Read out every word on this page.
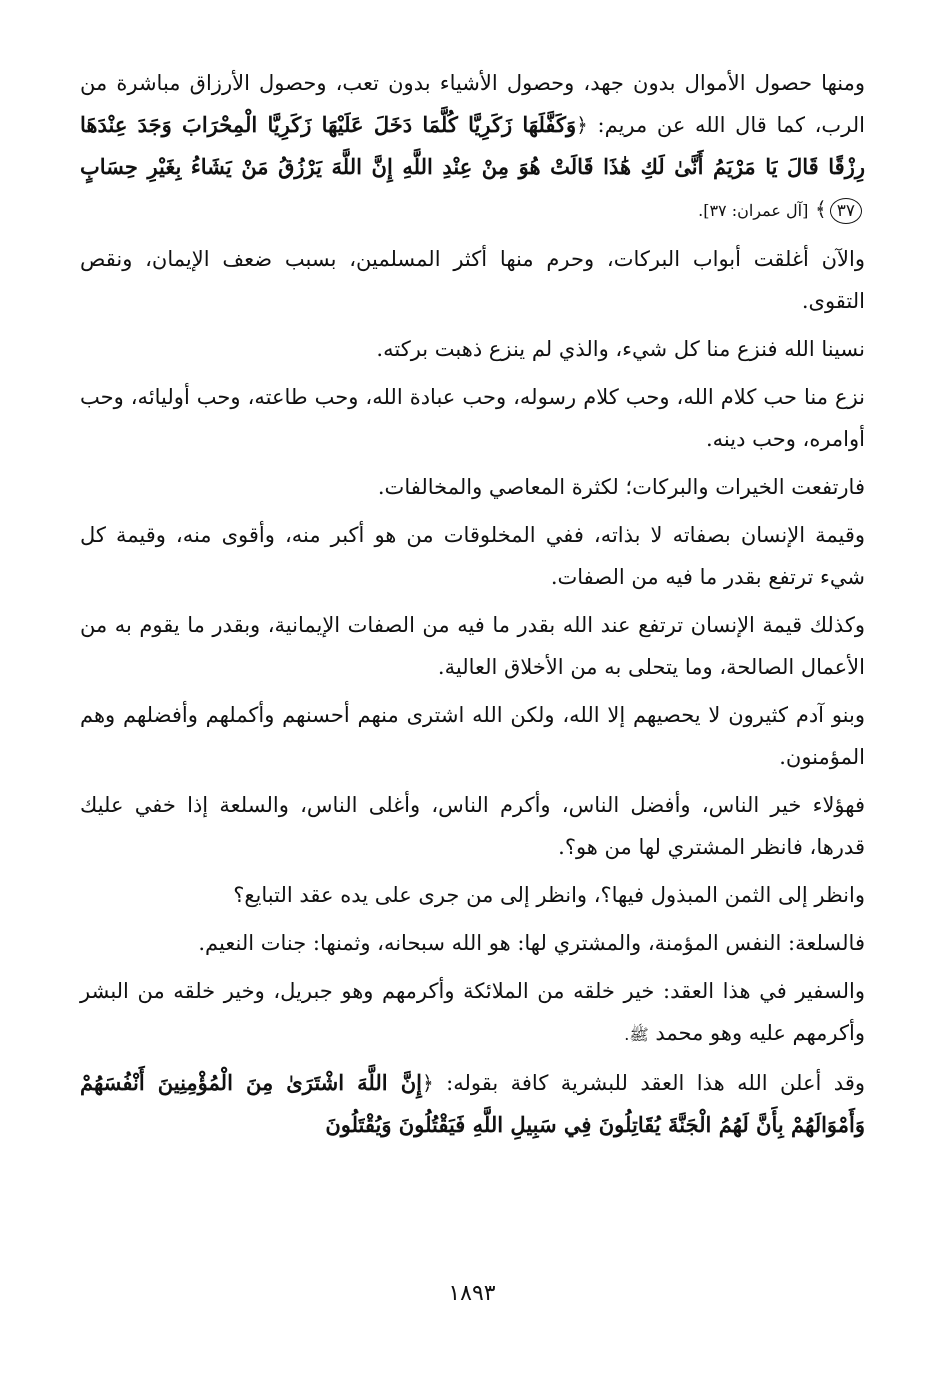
ومنها حصول الأموال بدون جهد، وحصول الأشياء بدون تعب، وحصول الأرزاق مباشرة من الرب، كما قال الله عن مريم: ﴿وَكَفَّلَهَا زَكَرِيَّا كُلَّمَا دَخَلَ عَلَيْهَا زَكَرِيَّا الْمِحْرَابَ وَجَدَ عِنْدَهَا رِزْقًا قَالَ يَا مَرْيَمُ أَنَّىٰ لَكِ هَٰذَا قَالَتْ هُوَ مِنْ عِنْدِ اللَّهِ إِنَّ اللَّهَ يَرْزُقُ مَنْ يَشَاءُ بِغَيْرِ حِسَابٍ ٣٧﴾ [آل عمران: ٣٧].

والآن أغلقت أبواب البركات، وحرم منها أكثر المسلمين، بسبب ضعف الإيمان، ونقص التقوى.

نسينا الله فنزع منا كل شيء، والذي لم ينزع ذهبت بركته.

نزع منا حب كلام الله، وحب كلام رسوله، وحب عبادة الله، وحب طاعته، وحب أوليائه، وحب أوامره، وحب دينه.

فارتفعت الخيرات والبركات؛ لكثرة المعاصي والمخالفات.

وقيمة الإنسان بصفاته لا بذاته، ففي المخلوقات من هو أكبر منه، وأقوى منه، وقيمة كل شيء ترتفع بقدر ما فيه من الصفات.

وكذلك قيمة الإنسان ترتفع عند الله بقدر ما فيه من الصفات الإيمانية، وبقدر ما يقوم به من الأعمال الصالحة، وما يتحلى به من الأخلاق العالية.

وبنو آدم كثيرون لا يحصيهم إلا الله، ولكن الله اشترى منهم أحسنهم وأكملهم وأفضلهم وهم المؤمنون.

فهؤلاء خير الناس، وأفضل الناس، وأكرم الناس، وأغلى الناس، والسلعة إذا خفي عليك قدرها، فانظر المشتري لها من هو؟.

وانظر إلى الثمن المبذول فيها؟، وانظر إلى من جرى على يده عقد التبايع؟

فالسلعة: النفس المؤمنة، والمشتري لها: هو الله سبحانه، وثمنها: جنات النعيم.

والسفير في هذا العقد: خير خلقه من الملائكة وأكرمهم وهو جبريل، وخير خلقه من البشر وأكرمهم عليه وهو محمد ﷺ.

وقد أعلن الله هذا العقد للبشرية كافة بقوله: ﴿إِنَّ اللَّهَ اشْتَرَىٰ مِنَ الْمُؤْمِنِينَ أَنْفُسَهُمْ وَأَمْوَالَهُمْ بِأَنَّ لَهُمُ الْجَنَّةَ يُقَاتِلُونَ فِي سَبِيلِ اللَّهِ فَيَقْتُلُونَ وَيُقْتَلُونَ

١٨٩٣
